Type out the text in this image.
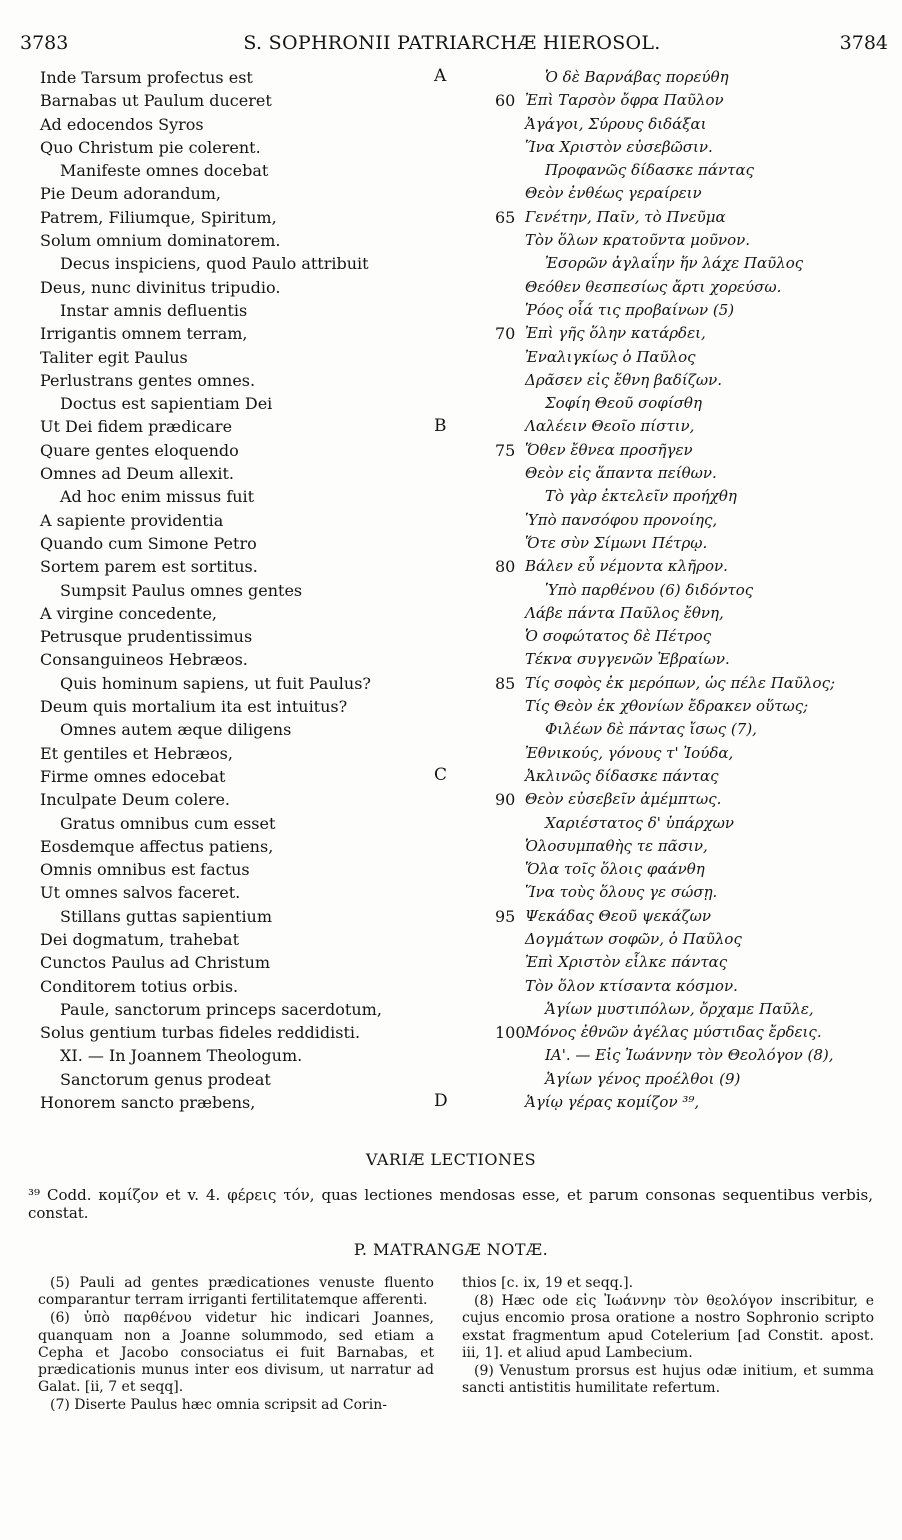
3783	S. SOPHRONII PATRIARCHÆ HIEROSOL.	3784
Inde Tarsum profectus est
Barnabas ut Paulum duceret
Ad edocendos Syros
Quo Christum pie colerent.
Manifeste omnes docebat
Pie Deum adorandum,
Patrem, Filiumque, Spiritum,
Solum omnium dominatorem.
Decus inspiciens, quod Paulo attribuit
Deus, nunc divinitus tripudio.
Instar amnis defluentis
Irrigantis omnem terram,
Taliter egit Paulus
Perlustrans gentes omnes.
Doctus est sapientiam Dei
Ut Dei fidem prædicare
Quare gentes eloquendo
Omnes ad Deum allexit.
Ad hoc enim missus fuit
A sapiente providentia
Quando cum Simone Petro
Sortem parem est sortitus.
Sumpsit Paulus omnes gentes
A virgine concedente,
Petrusque prudentissimus
Consanguineos Hebræos.
Quis hominum sapiens, ut fuit Paulus?
Deum quis mortalium ita est intuitus?
Omnes autem æque diligens
Et gentiles et Hebræos,
Firme omnes edocebat
Inculpate Deum colere.
Gratus omnibus cum esset
Eosdemque affectus patiens,
Omnis omnibus est factus
Ut omnes salvos faceret.
Stillans guttas sapientium
Dei dogmatum, trahebat
Cunctos Paulus ad Christum
Conditorem totius orbis.
Paule, sanctorum princeps sacerdotum,
Solus gentium turbas fideles reddidisti.
XI. — In Joannem Theologum.
Sanctorum genus prodeat
Honorem sancto præbens,
A
B
C
D
Ὁ δὲ Βαρνάβας πορεύθη
60 Ἐπὶ Ταρσὸν ὄφρα Παῦλον
Ἀγάγοι, Σύρους διδάξαι
Ἵνα Χριστὸν εὐσεβῶσιν.
Προφανῶς δίδασκε πάντας
Θεὸν ἐνθέως γεραίρειν
65 Γενέτην, Παῖν, τὸ Πνεῦμα
Τὸν ὅλων κρατοῦντα μοῦνον.
Ἐσορῶν ἀγλαΐην ἥν λάχε Παῦλος
Θεόθεν θεσπεσίως ἄρτι χορεύσω.
Ῥόος οἷά τις προβαίνων (5)
70 Ἐπὶ γῆς ὅλην κατάρδει,
Ἐναλιγκίως ὁ Παῦλος
Δρᾶσεν εἰς ἔθνη βαδίζων.
Σοφίη Θεοῦ σοφίσθη
Λαλέειν Θεοῖο πίστιν,
75 Ὅθεν ἔθνεα προσῆγεν
Θεὸν εἰς ἅπαντα πείθων.
Τὸ γὰρ ἐκτελεῖν προήχθη
Ὑπὸ πανσόφου προνοίης,
Ὅτε σὺν Σίμωνι Πέτρῳ.
80 Βάλεν εὖ νέμοντα κλῆρον.
Ὑπὸ παρθένου (6) διδόντος
Λάβε πάντα Παῦλος ἔθνη,
Ὁ σοφώτατος δὲ Πέτρος
Τέκνα συγγενῶν Ἑβραίων.
85 Τίς σοφὸς ἐκ μερόπων, ὡς πέλε Παῦλος;
Τίς Θεὸν ἐκ χθονίων ἔδρακεν οὕτως;
Φιλέων δὲ πάντας ἴσως (7),
Ἐθνικούς, γόνους τ' Ἰούδα,
Ἀκλινῶς δίδασκε πάντας
90 Θεὸν εὐσεβεῖν ἀμέμπτως.
Χαριέστατος δ' ὑπάρχων
Ὁλοσυμπαθὴς τε πᾶσιν,
Ὅλα τοῖς ὅλοις φαάνθη
Ἵνα τοὺς ὅλους γε σώσῃ.
95 Ψεκάδας Θεοῦ ψεκάζων
Δογμάτων σοφῶν, ὁ Παῦλος
Ἐπὶ Χριστὸν εἷλκε πάντας
Τὸν ὅλον κτίσαντα κόσμον.
Ἁγίων μυστιπόλων, ὄρχαμε Παῦλε,
100 Μόνος ἐθνῶν ἀγέλας μύστιδας ἔρδεις.
ΙΑ'. — Εἰς Ἰωάννην τὸν Θεολόγον (8),
Ἁγίων γένος προέλθοι (9)
Ἁγίῳ γέρας κομίζον ³⁹,
VARIÆ LECTIONES
³⁹ Codd. κομίζον et v. 4. φέρεις τόν, quas lectiones mendosas esse, et parum consonas sequentibus verbis, constat.
P. MATRANGÆ NOTÆ.

(5) Pauli ad gentes prædicationes venuste fluento comparantur terram irriganti fertilitatemque afferenti.

(6) ὑπὸ παρθένου videtur hic indicari Joannes, quanquam non a Joanne solummodo, sed etiam a Cepha et Jacobo consociatus ei fuit Barnabas, et prædicationis munus inter eos divisum, ut narratur ad Galat. [ii, 7 et seqq].

(7) Diserte Paulus hæc omnia scripsit ad Corin-

thios [c. ix, 19 et seqq.].

(8) Hæc ode εἰς Ἰωάννην τὸν θεολόγον inscribitur, e cujus encomio prosa oratione a nostro Sophronio scripto exstat fragmentum apud Cotelerium [ad Constit. apost. iii, 1]. et aliud apud Lambecium.

(9) Venustum prorsus est hujus odæ initium, et summa sancti antistitis humilitate refertum.
